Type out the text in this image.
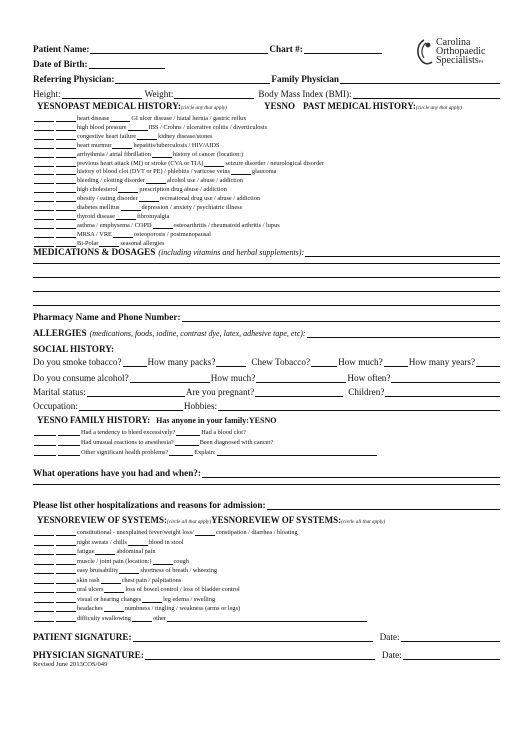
Carolina
Orthopaedic
SpecialistsPA
Patient Name:	Chart #:
Date of Birth:
Referring Physician:	Family Physician
Height:	Weight:	Body Mass Index (BMI):
YESNO PAST MEDICAL HISTORY: (circle any that apply)	YESNO PAST MEDICAL HISTORY: (circle any that apply)
heart disease	GI ulcer disease / hiatal hernia / gastric reflux
high blood pressure	IBS / Crohns / ulcerative colitis / diverticulosis
congestive heart failure	kidney disease/stones
heart murmur	hepatitis/tuberculosis / HIV/AIDS
arrhythmia / atrial fibrillation	history of cancer (location: )
previous heart attack (MI) or stroke (CVA or TIA)	seizure disorder / neurological disorder
history of blood clot (DVT or PE) / phlebitis / varicose veins	glaucoma
bleeding / clotting disorder	alcohol use / abuse / addiction
high cholesterol	prescription drug abuse / addiction
obesity / eating disorder	recreational drug use / abuse / addiction
diabetes mellitus	depression / anxiety / psychiatric illness
thyroid disease	fibromyalgia
asthma / emphysema / COPD	osteoarthritis / rheumatoid arthritis / lupus
MRSA / VRE	osteoporosis / postmenopausal
Bi-Polar	seasonal allergies
MEDICATIONS & DOSAGES (including vitamins and herbal supplements):
Pharmacy Name and Phone Number:
ALLERGIES (medications, foods, iodine, contrast dye, latex, adhesive tape, etc):
SOCIAL HISTORY:
Do you smoke tobacco?	How many packs?	Chew Tobacco?	How much?	How many years?
Do you consume alcohol?	How much?	How often?
Marital status:	Are you pregnant?	Children?
Occupation:	Hobbies:
YESNO FAMILY HISTORY: Has anyone in your family: YESNO
Had a tendency to bleed excessively?	Had a blood clot?
Had unusual reactions to anesthesia?	Been diagnosed with cancer?
Other significant health problems?	Explain:
What operations have you had and when?:
Please list other hospitalizations and reasons for admission:
YESNO REVIEW OF SYSTEMS: (circle all that apply) YESNO REVIEW OF SYSTEMS: (circle all that apply)
constitutional - unexplained fever/weight loss/	constipation / diarrhea / bloating
night sweats / chills	blood in stool
fatigue	abdominal pain
muscle / joint pain (location: )	cough
easy bruisability	shortness of breath / wheezing
skin rash	chest pain / palpitations
oral ulcers	loss of bowel control / loss of bladder control
visual or hearing changes	leg edema / swelling
headaches	numbness / tingling / weakness (arms or legs)
difficulty swallowing	other
PATIENT SIGNATURE:	Date:
PHYSICIAN SIGNATURE:	Date:
Revised June 2013COS/049
